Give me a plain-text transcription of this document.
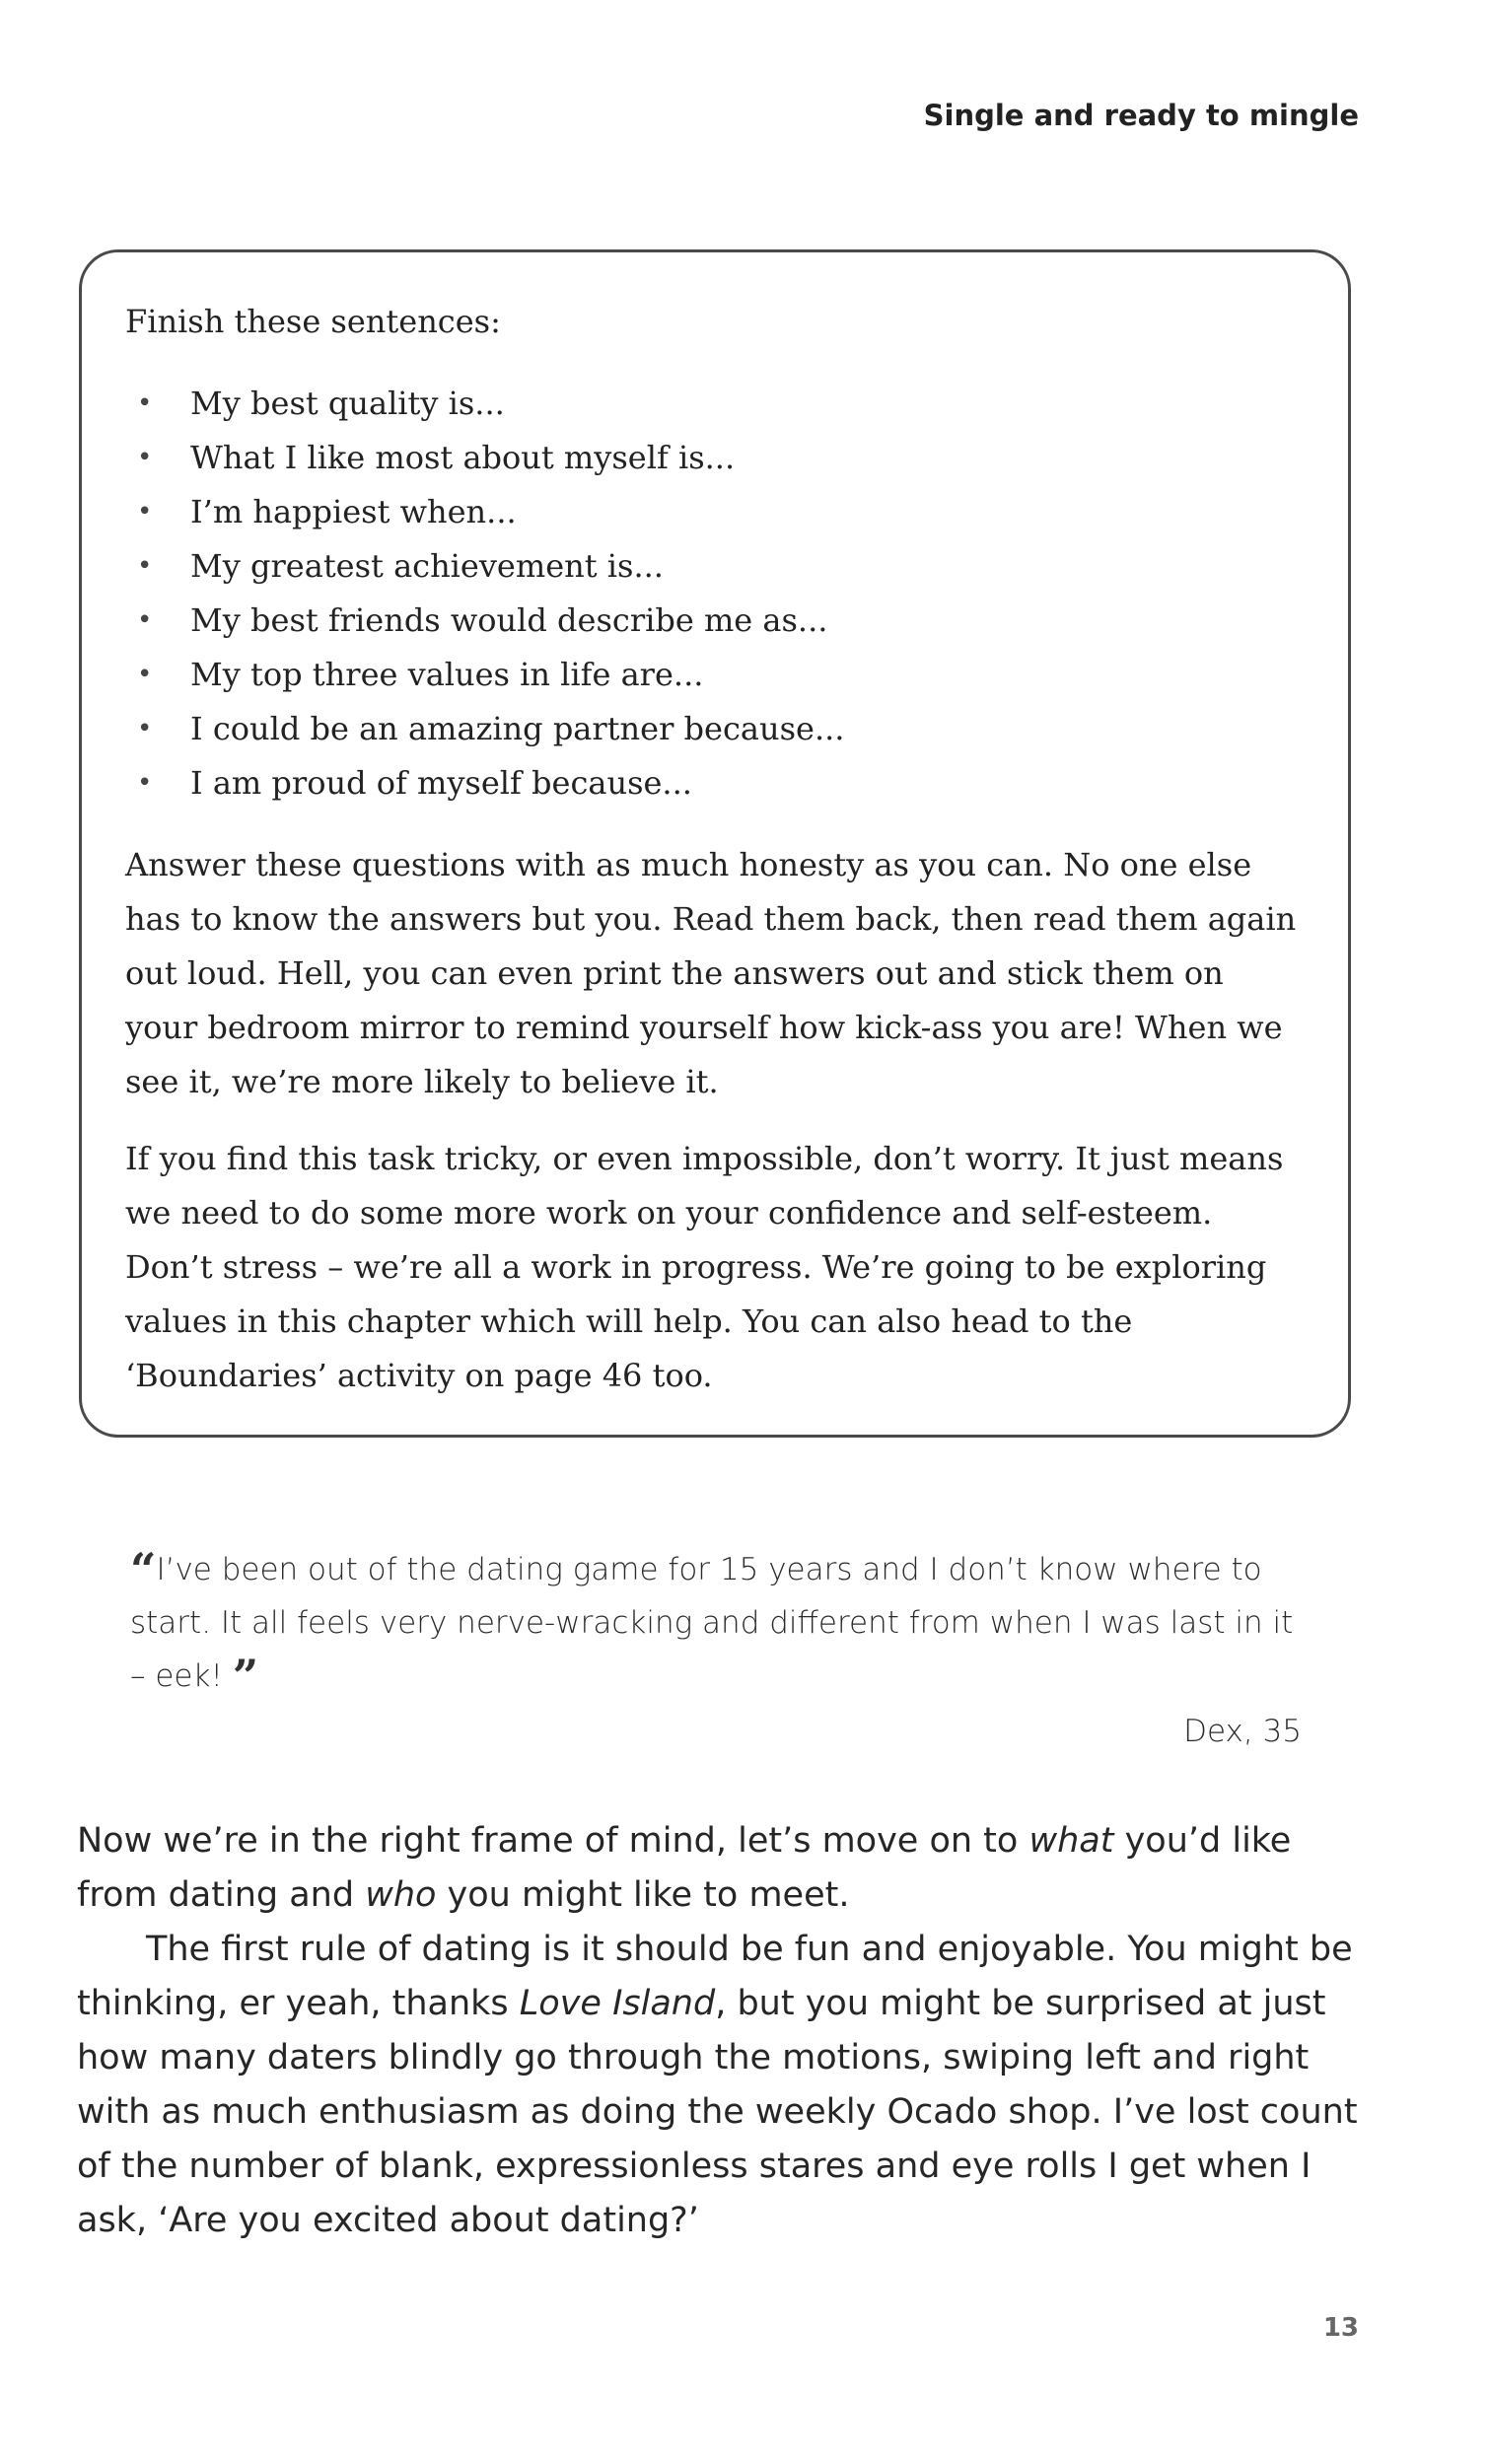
Single and ready to mingle

Finish these sentences:

• My best quality is...
• What I like most about myself is...
• I’m happiest when...
• My greatest achievement is...
• My best friends would describe me as...
• My top three values in life are...
• I could be an amazing partner because...
• I am proud of myself because...

Answer these questions with as much honesty as you can. No one else has to know the answers but you. Read them back, then read them again out loud. Hell, you can even print the answers out and stick them on your bedroom mirror to remind yourself how kick-ass you are! When we see it, we’re more likely to believe it.

If you find this task tricky, or even impossible, don’t worry. It just means we need to do some more work on your confidence and self-esteem. Don’t stress – we’re all a work in progress. We’re going to be exploring values in this chapter which will help. You can also head to the ‘Boundaries’ activity on page 46 too.

“I’ve been out of the dating game for 15 years and I don’t know where to start. It all feels very nerve-wracking and different from when I was last in it – eek! ”

Dex, 35

Now we’re in the right frame of mind, let’s move on to what you’d like from dating and who you might like to meet.

The first rule of dating is it should be fun and enjoyable. You might be thinking, er yeah, thanks Love Island, but you might be surprised at just how many daters blindly go through the motions, swiping left and right with as much enthusiasm as doing the weekly Ocado shop. I’ve lost count of the number of blank, expressionless stares and eye rolls I get when I ask, ‘Are you excited about dating?’

13
